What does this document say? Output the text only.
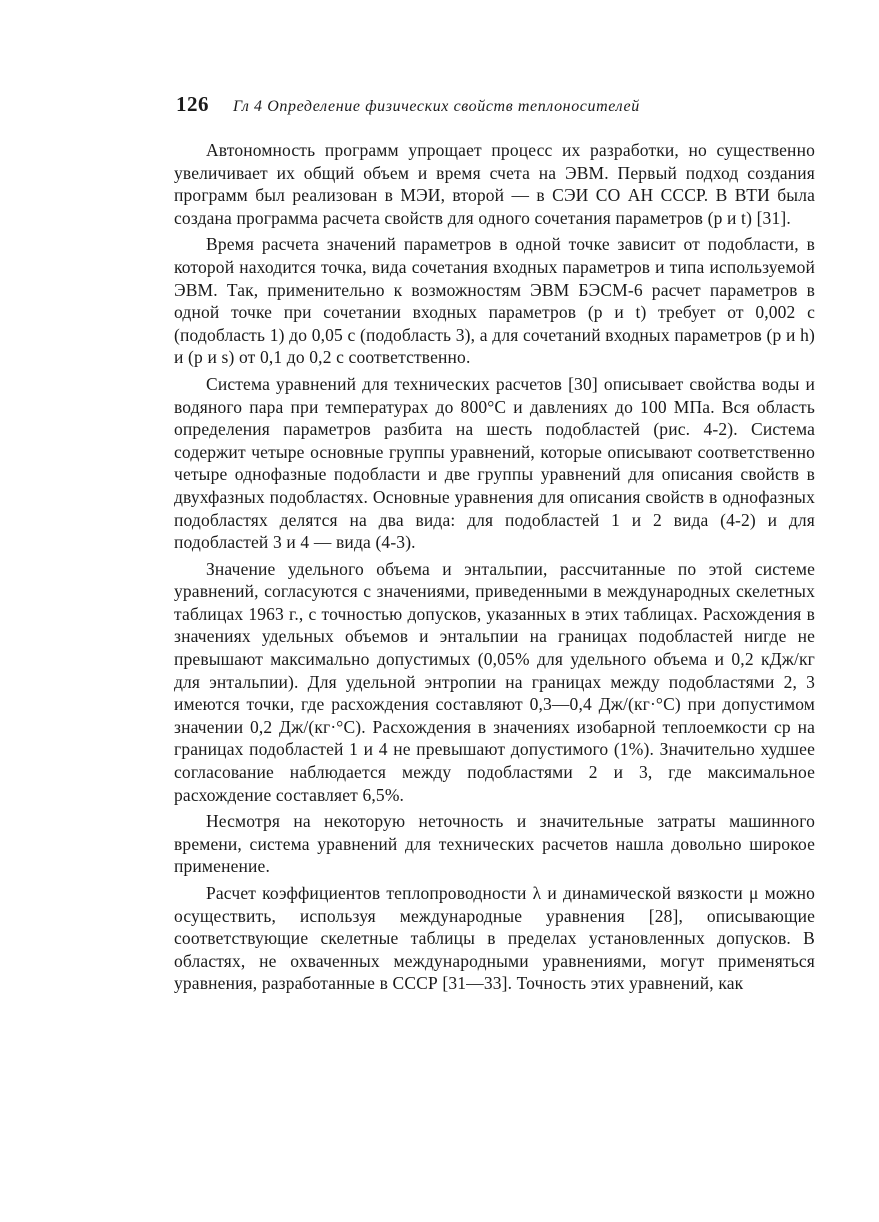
126 Гл 4 Определение физических свойств теплоносителей

Автономность программ упрощает процесс их разработки, но существенно увеличивает их общий объем и время счета на ЭВМ. Первый подход создания программ был реализован в МЭИ, второй — в СЭИ СО АН СССР. В ВТИ была создана программа расчета свойств для одного сочетания параметров (p и t) [31].

Время расчета значений параметров в одной точке зависит от подобласти, в которой находится точка, вида сочетания входных параметров и типа используемой ЭВМ. Так, применительно к возможностям ЭВМ БЭСМ-6 расчет параметров в одной точке при сочетании входных параметров (p и t) требует от 0,002 с (подобласть 1) до 0,05 с (подобласть 3), а для сочетаний входных параметров (p и h) и (p и s) от 0,1 до 0,2 с соответственно.

Система уравнений для технических расчетов [30] описывает свойства воды и водяного пара при температурах до 800°С и давлениях до 100 МПа. Вся область определения параметров разбита на шесть подобластей (рис. 4-2). Система содержит четыре основные группы уравнений, которые описывают соответственно четыре однофазные подобласти и две группы уравнений для описания свойств в двухфазных подобластях. Основные уравнения для описания свойств в однофазных подобластях делятся на два вида: для подобластей 1 и 2 вида (4-2) и для подобластей 3 и 4 — вида (4-3).

Значение удельного объема и энтальпии, рассчитанные по этой системе уравнений, согласуются с значениями, приведенными в международных скелетных таблицах 1963 г., с точностью допусков, указанных в этих таблицах. Расхождения в значениях удельных объемов и энтальпии на границах подобластей нигде не превышают максимально допустимых (0,05% для удельного объема и 0,2 кДж/кг для энтальпии). Для удельной энтропии на границах между подобластями 2, 3 имеются точки, где расхождения составляют 0,3—0,4 Дж/(кг·°С) при допустимом значении 0,2 Дж/(кг·°С). Расхождения в значениях изобарной теплоемкости cp на границах подобластей 1 и 4 не превышают допустимого (1%). Значительно худшее согласование наблюдается между подобластями 2 и 3, где максимальное расхождение составляет 6,5%.

Несмотря на некоторую неточность и значительные затраты машинного времени, система уравнений для технических расчетов нашла довольно широкое применение.

Расчет коэффициентов теплопроводности λ и динамической вязкости μ можно осуществить, используя международные уравнения [28], описывающие соответствующие скелетные таблицы в пределах установленных допусков. В областях, не охваченных международными уравнениями, могут применяться уравнения, разработанные в СССР [31—33]. Точность этих уравнений, как
